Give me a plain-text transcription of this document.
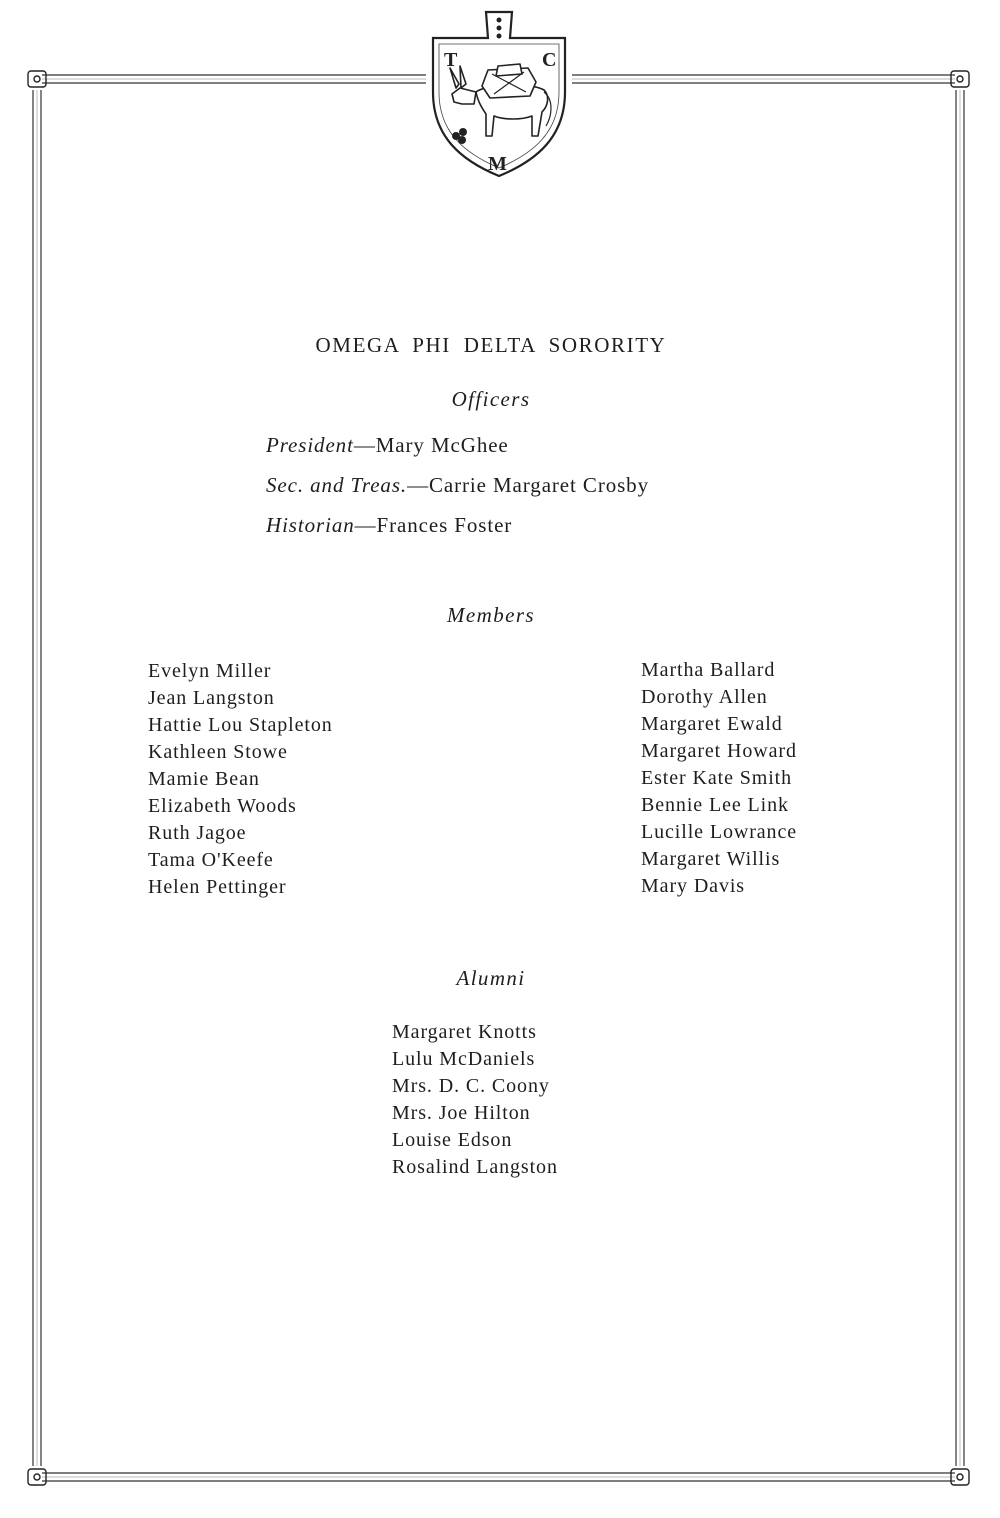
T	C
M
OMEGA PHI DELTA SORORITY
Officers
President—Mary McGhee
Sec. and Treas.—Carrie Margaret Crosby
Historian—Frances Foster
Members
Evelyn Miller
Jean Langston
Hattie Lou Stapleton
Kathleen Stowe
Mamie Bean
Elizabeth Woods
Ruth Jagoe
Tama O'Keefe
Helen Pettinger
Martha Ballard
Dorothy Allen
Margaret Ewald
Margaret Howard
Ester Kate Smith
Bennie Lee Link
Lucille Lowrance
Margaret Willis
Mary Davis
Alumni
Margaret Knotts
Lulu McDaniels
Mrs. D. C. Coony
Mrs. Joe Hilton
Louise Edson
Rosalind Langston
